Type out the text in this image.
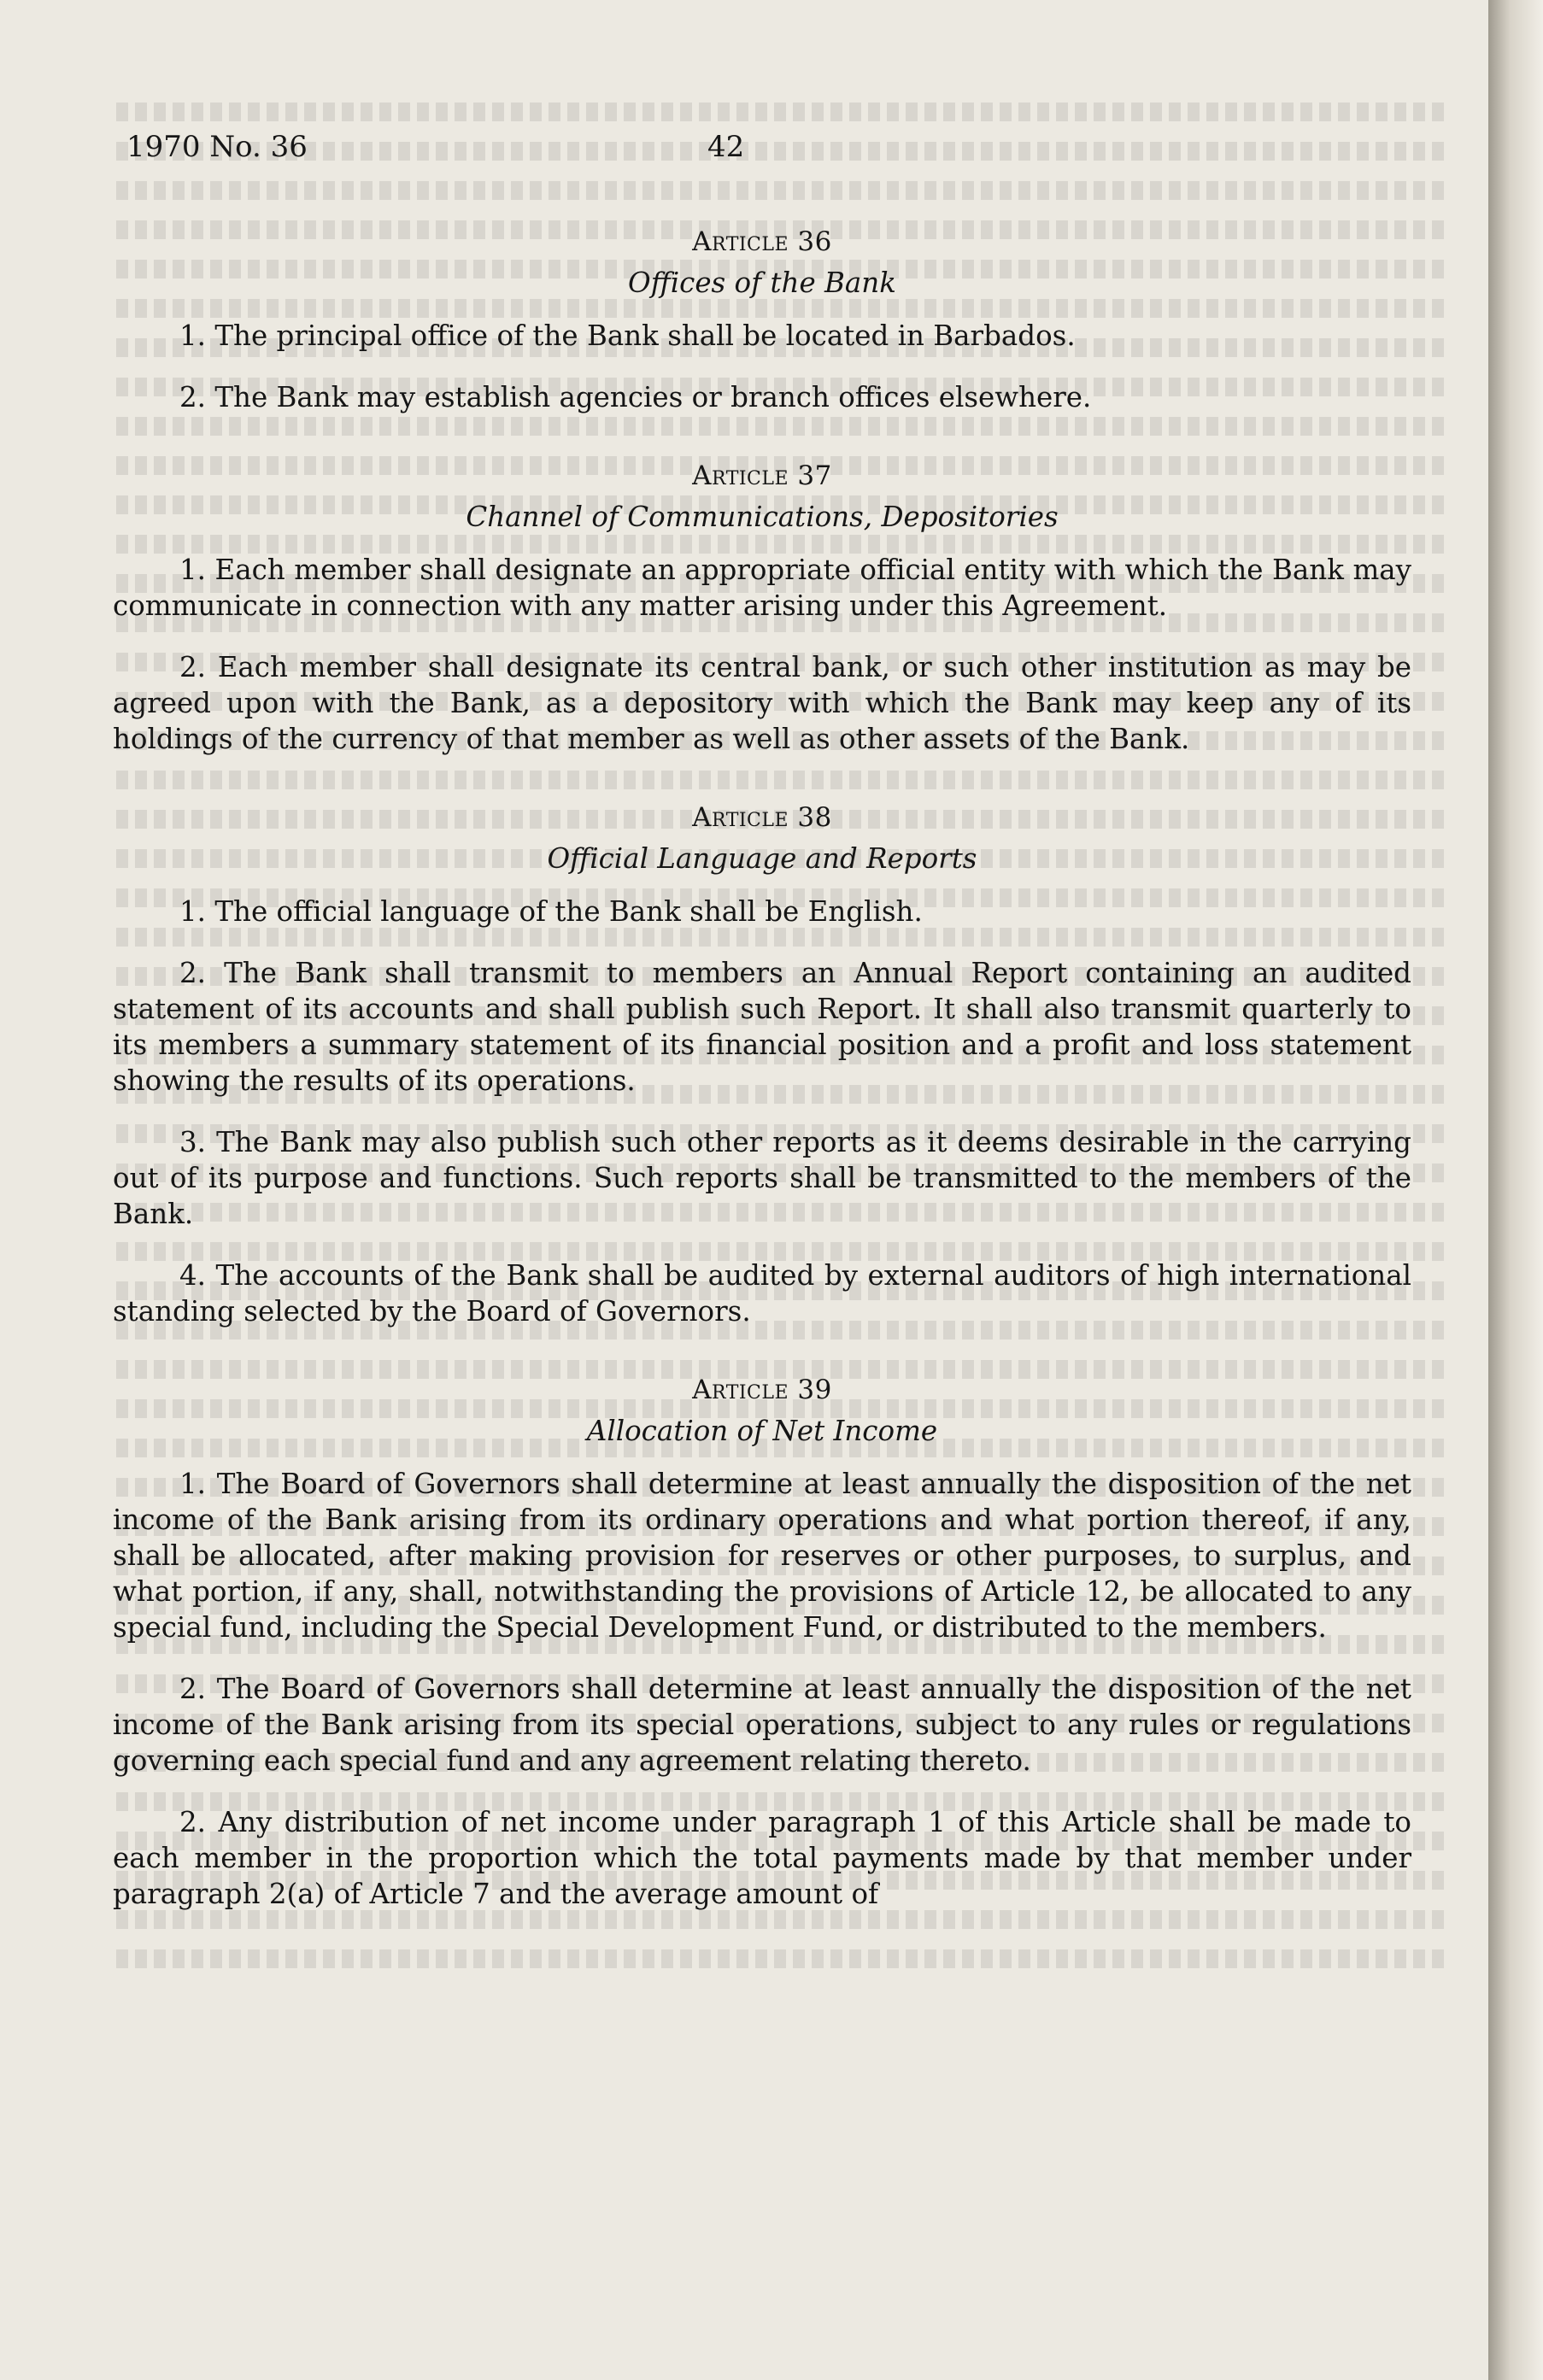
1970 No. 36	42
Article 36
Offices of the Bank

1. The principal office of the Bank shall be located in Barbados.

2. The Bank may establish agencies or branch offices elsewhere.

Article 37
Channel of Communications, Depositories

1. Each member shall designate an appropriate official entity with which the Bank may communicate in connection with any matter arising under this Agreement.

2. Each member shall designate its central bank, or such other institution as may be agreed upon with the Bank, as a depository with which the Bank may keep any of its holdings of the currency of that member as well as other assets of the Bank.

Article 38
Official Language and Reports

1. The official language of the Bank shall be English.

2. The Bank shall transmit to members an Annual Report containing an audited statement of its accounts and shall publish such Report. It shall also transmit quarterly to its members a summary statement of its financial position and a profit and loss statement showing the results of its operations.

3. The Bank may also publish such other reports as it deems desirable in the carrying out of its purpose and functions. Such reports shall be transmitted to the members of the Bank.

4. The accounts of the Bank shall be audited by external auditors of high international standing selected by the Board of Governors.

Article 39
Allocation of Net Income

1. The Board of Governors shall determine at least annually the disposition of the net income of the Bank arising from its ordinary operations and what portion thereof, if any, shall be allocated, after making provision for reserves or other purposes, to surplus, and what portion, if any, shall, notwithstanding the provisions of Article 12, be allocated to any special fund, including the Special Development Fund, or distributed to the members.

2. The Board of Governors shall determine at least annually the disposition of the net income of the Bank arising from its special operations, subject to any rules or regulations governing each special fund and any agreement relating thereto.

2. Any distribution of net income under paragraph 1 of this Article shall be made to each member in the proportion which the total payments made by that member under paragraph 2(a) of Article 7 and the average amount of
